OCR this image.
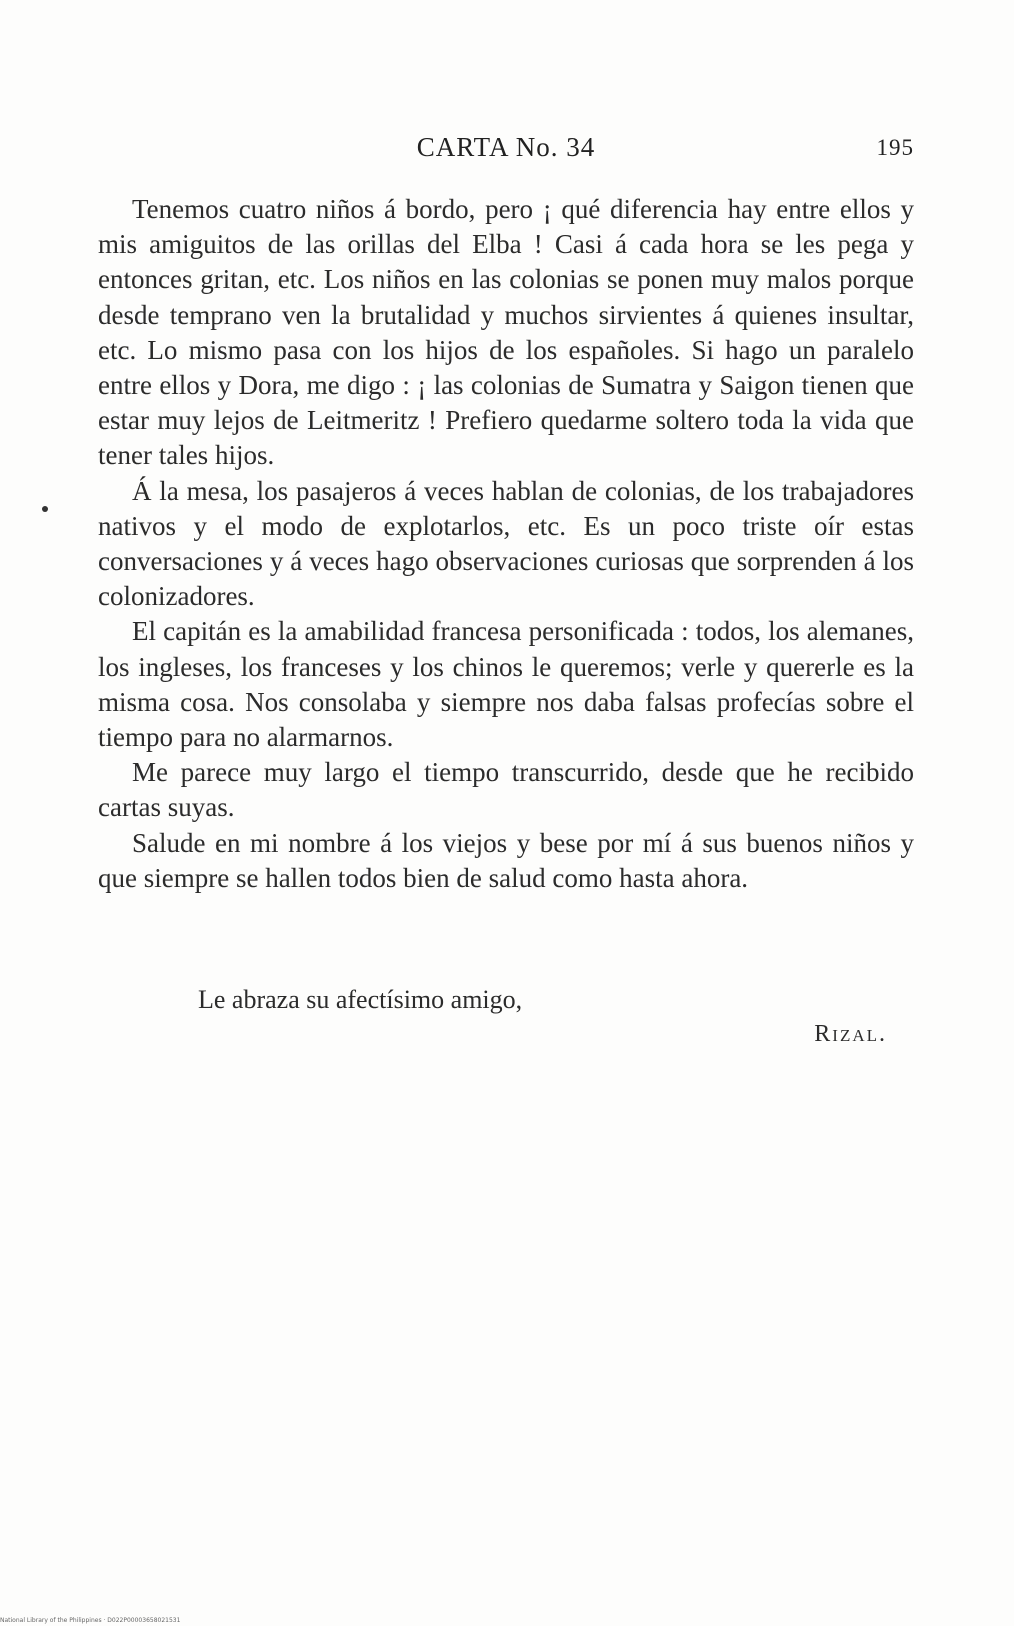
CARTA No. 34	195

Tenemos cuatro niños á bordo, pero ¡ qué diferencia hay entre ellos y mis amiguitos de las orillas del Elba ! Casi á cada hora se les pega y entonces gritan, etc. Los niños en las colonias se ponen muy malos porque desde temprano ven la brutalidad y muchos sirvientes á quienes insultar, etc. Lo mismo pasa con los hijos de los españoles. Si hago un paralelo entre ellos y Dora, me digo : ¡ las colonias de Sumatra y Saigon tienen que estar muy lejos de Leitmeritz ! Prefiero quedarme soltero toda la vida que tener tales hijos.

Á la mesa, los pasajeros á veces hablan de colonias, de los trabajadores nativos y el modo de explotarlos, etc. Es un poco triste oír estas conversaciones y á veces hago observaciones curiosas que sorprenden á los colonizadores.

El capitán es la amabilidad francesa personificada : todos, los alemanes, los ingleses, los franceses y los chinos le queremos; verle y quererle es la misma cosa. Nos consolaba y siempre nos daba falsas profecías sobre el tiempo para no alarmarnos.

Me parece muy largo el tiempo transcurrido, desde que he recibido cartas suyas.

Salude en mi nombre á los viejos y bese por mí á sus buenos niños y que siempre se hallen todos bien de salud como hasta ahora.

Le abraza su afectísimo amigo,
Rizal.
National Library of the Philippines · D022P00003658021531
